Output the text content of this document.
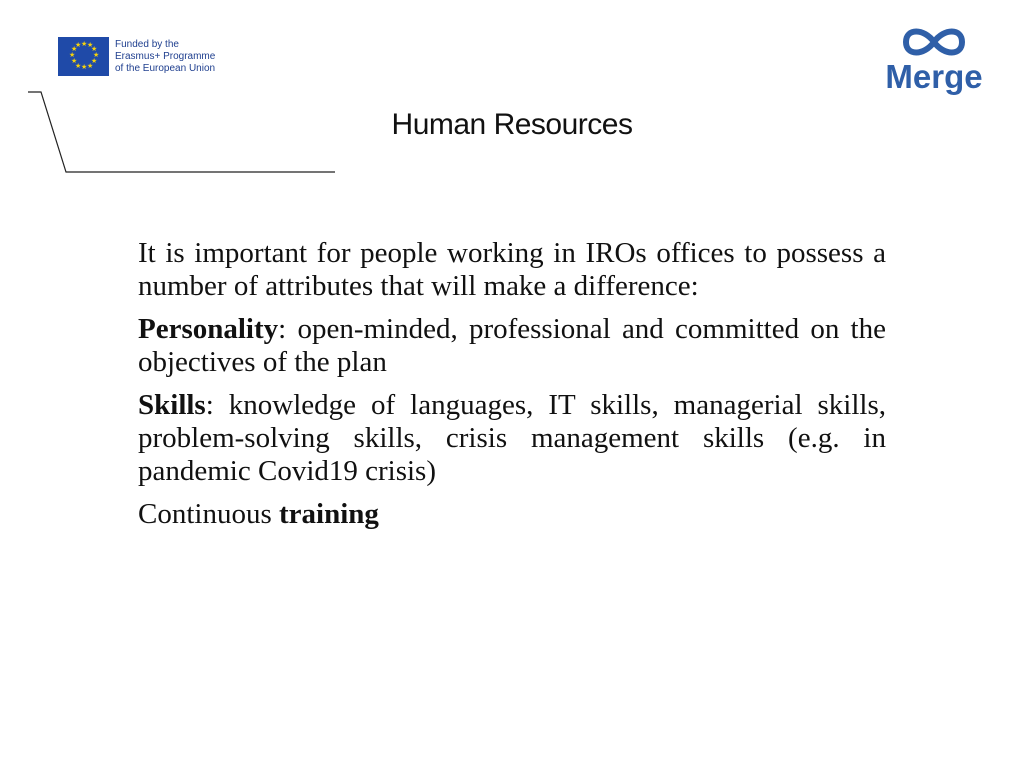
★ ★
★
★
★
★
★
★
★
★
★
★	Funded by the
Erasmus+ Programme
of the European Union	Merge
Human Resources

It is important for people working in IROs offices to possess a number of attributes that will make a difference:

Personality: open-minded, professional and committed on the objectives of the plan

Skills: knowledge of languages, IT skills, managerial skills, problem-solving skills, crisis management skills (e.g. in pandemic Covid19 crisis)

Continuous training
